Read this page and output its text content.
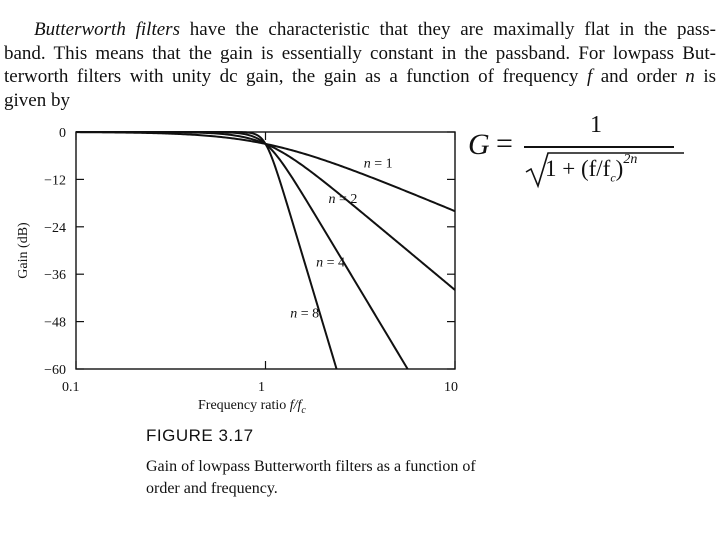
Butterworth filters have the characteristic that they are maximally flat in the pass-
band. This means that the gain is essentially constant in the passband. For lowpass But-
terworth filters with unity dc gain, the gain as a function of frequency f and order n is
given by
0
−12
−24
−36
−48
−60
0.1	1	10
Frequency ratio $f/f_c$
Gain (dB)
n = 1
n = 2
n = 4
n = 8
G =
1
$1 + (f/f_c)^{2n}$
FIGURE 3.17
Gain of lowpass Butterworth filters as a function of order and frequency.
